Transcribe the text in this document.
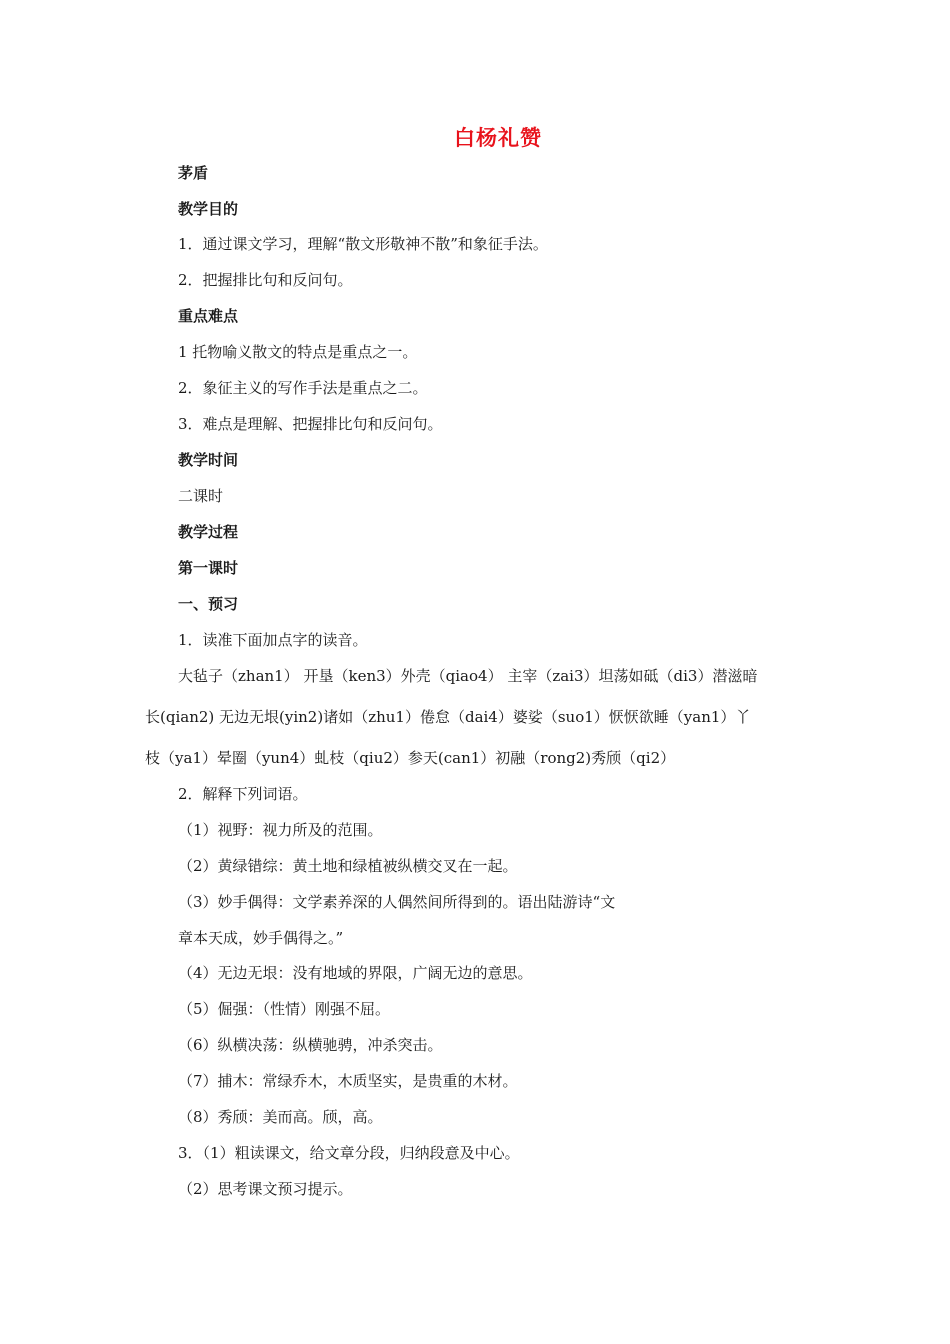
白杨礼赞
茅盾
教学目的
1．通过课文学习，理解“散文形敬神不散”和象征手法。
2．把握排比句和反问句。
重点难点
1 托物喻义散文的特点是重点之一。
2．象征主义的写作手法是重点之二。
3．难点是理解、把握排比句和反问句。
教学时间
二课时
教学过程
第一课时
一、预习
1．读准下面加点字的读音。
大毡子（zhan1） 开垦（ken3）外壳（qiao4） 主宰（zai3）坦荡如砥（di3）潜滋暗
长(qian2) 无边无垠(yin2)诸如（zhu1）倦怠（dai4）婆娑（suo1）恹恹欲睡（yan1）丫
枝（ya1）晕圈（yun4）虬枝（qiu2）参天(can1）初融（rong2)秀颀（qi2）
2．解释下列词语。
（1）视野：视力所及的范围。
（2）黄绿错综：黄土地和绿植被纵横交叉在一起。
（3）妙手偶得：文学素养深的人偶然间所得到的。语出陆游诗“文
章本天成，妙手偶得之。”
（4）无边无垠：没有地域的界限，广阔无边的意思。
（5）倔强：（性情）刚强不屈。
（6）纵横决荡：纵横驰骋，冲杀突击。
（7）捕木：常绿乔木，木质坚实，是贵重的木材。
（8）秀颀：美而高。颀，高。
3．（1）粗读课文，给文章分段，归纳段意及中心。
（2）思考课文预习提示。
